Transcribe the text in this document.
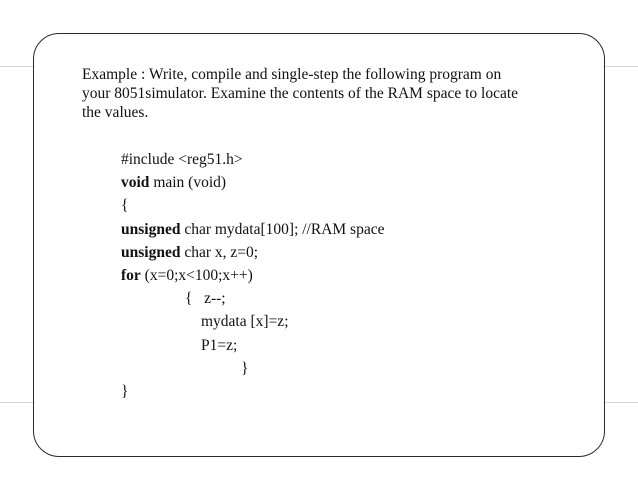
Example : Write, compile and single-step the following program on
your 8051simulator. Examine the contents of the RAM space to locate
the values.

#include <reg51.h>
void main (void)
{
unsigned char mydata[100]; //RAM space
unsigned char x, z=0;
for (x=0;x<100;x++)
{   z--;
mydata [x]=z;
P1=z;
}
}
